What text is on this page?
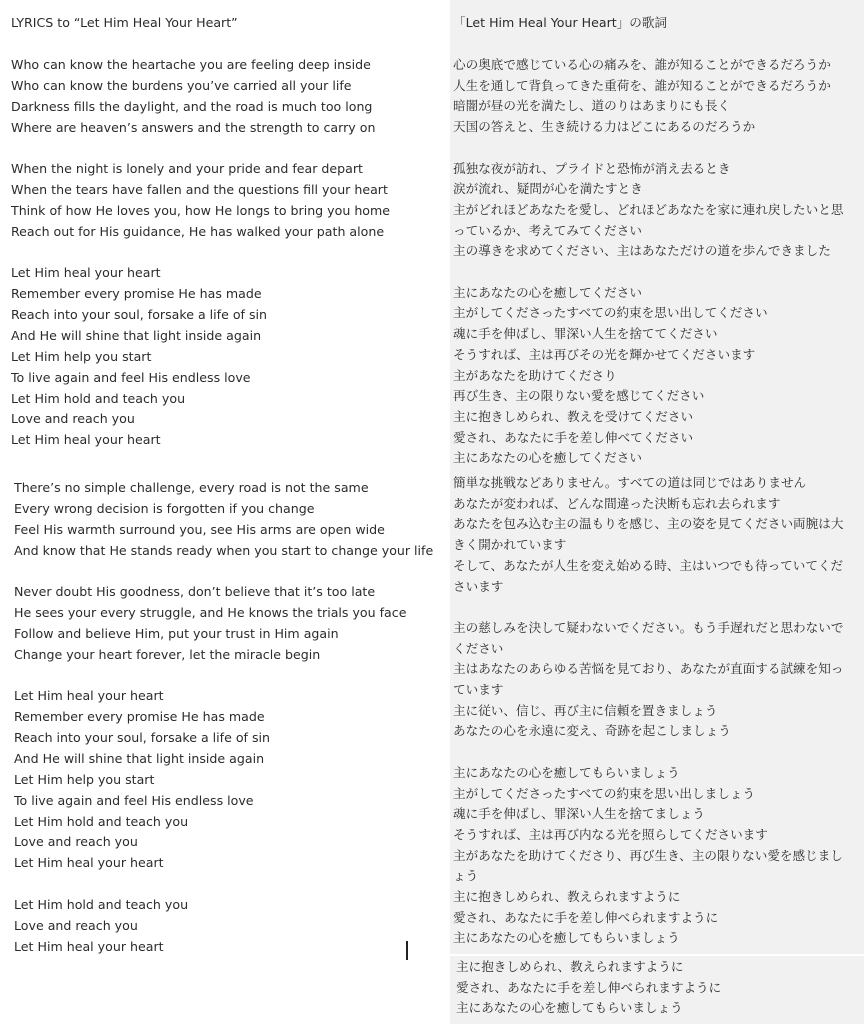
LYRICS to “Let Him Heal Your Heart”
Who can know the heartache you are feeling deep inside
Who can know the burdens you’ve carried all your life
Darkness fills the daylight, and the road is much too long
Where are heaven’s answers and the strength to carry on
When the night is lonely and your pride and fear depart
When the tears have fallen and the questions fill your heart
Think of how He loves you, how He longs to bring you home
Reach out for His guidance, He has walked your path alone
Let Him heal your heart
Remember every promise He has made
Reach into your soul, forsake a life of sin
And He will shine that light inside again
Let Him help you start
To live again and feel His endless love
Let Him hold and teach you
Love and reach you
Let Him heal your heart
There’s no simple challenge, every road is not the same
Every wrong decision is forgotten if you change
Feel His warmth surround you, see His arms are open wide
And know that He stands ready when you start to change your life
Never doubt His goodness, don’t believe that it’s too late
He sees your every struggle, and He knows the trials you face
Follow and believe Him, put your trust in Him again
Change your heart forever, let the miracle begin
Let Him heal your heart
Remember every promise He has made
Reach into your soul, forsake a life of sin
And He will shine that light inside again
Let Him help you start
To live again and feel His endless love
Let Him hold and teach you
Love and reach you
Let Him heal your heart
Let Him hold and teach you
Love and reach you
Let Him heal your heart
「Let Him Heal Your Heart」の歌詞
心の奥底で感じている心の痛みを、誰が知ることができるだろうか
人生を通して背負ってきた重荷を、誰が知ることができるだろうか
暗闇が昼の光を満たし、道のりはあまりにも長く
天国の答えと、生き続ける力はどこにあるのだろうか
孤独な夜が訪れ、プライドと恐怖が消え去るとき
涙が流れ、疑問が心を満たすとき
主がどれほどあなたを愛し、どれほどあなたを家に連れ戻したいと思っているか、考えてみてください
主の導きを求めてください、主はあなただけの道を歩んできました
主にあなたの心を癒してください
主がしてくださったすべての約束を思い出してください
魂に手を伸ばし、罪深い人生を捨ててください
そうすれば、主は再びその光を輝かせてくださいます
主があなたを助けてくださり
再び生き、主の限りない愛を感じてください
主に抱きしめられ、教えを受けてください
愛され、あなたに手を差し伸べてください
主にあなたの心を癒してください
簡単な挑戦などありません。すべての道は同じではありません
あなたが変われば、どんな間違った決断も忘れ去られます
あなたを包み込む主の温もりを感じ、主の姿を見てください両腕は大きく開かれています
そして、あなたが人生を変え始める時、主はいつでも待っていてくださいます
主の慈しみを決して疑わないでください。もう手遅れだと思わないでください
主はあなたのあらゆる苦悩を見ており、あなたが直面する試練を知っています
主に従い、信じ、再び主に信頼を置きましょう
あなたの心を永遠に変え、奇跡を起こしましょう
主にあなたの心を癒してもらいましょう
主がしてくださったすべての約束を思い出しましょう
魂に手を伸ばし、罪深い人生を捨てましょう
そうすれば、主は再び内なる光を照らしてくださいます
主があなたを助けてくださり、再び生き、主の限りない愛を感じましょう
主に抱きしめられ、教えられますように
愛され、あなたに手を差し伸べられますように
主にあなたの心を癒してもらいましょう
主に抱きしめられ、教えられますように
愛され、あなたに手を差し伸べられますように
主にあなたの心を癒してもらいましょう
